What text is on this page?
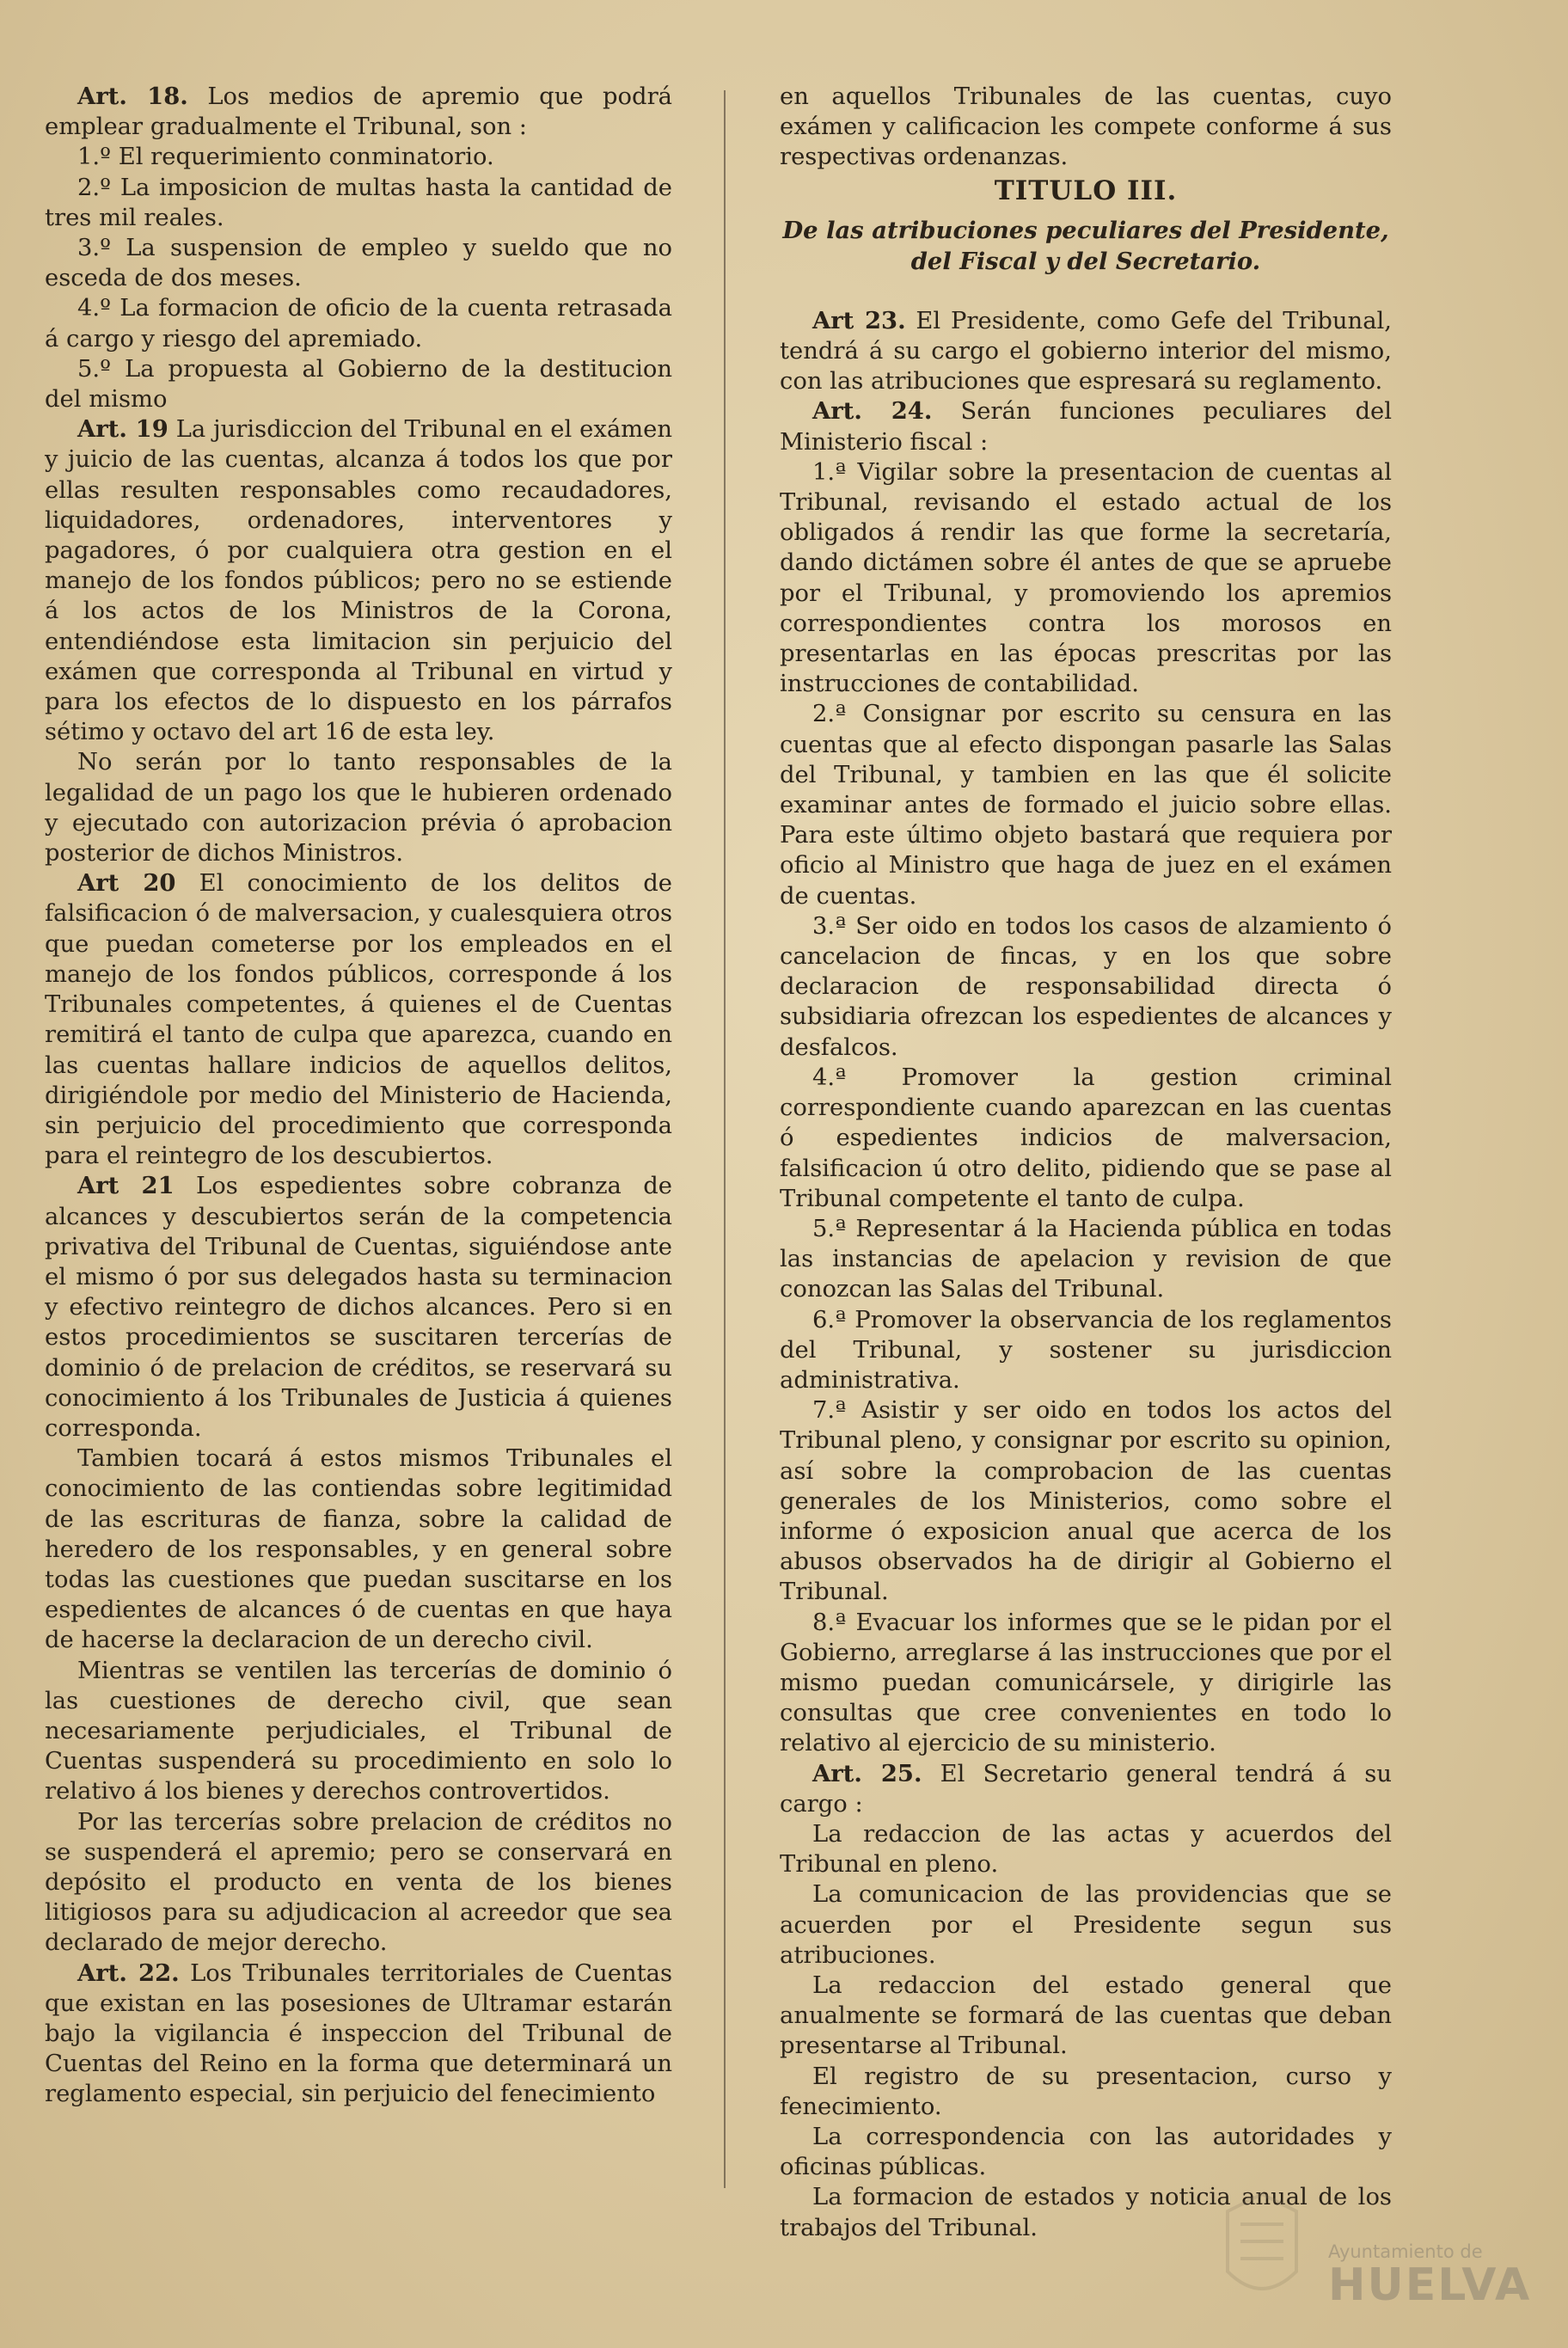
Art. 18. Los medios de apremio que podrá emplear gradualmente el Tribunal, son :

1.º El requerimiento conminatorio.

2.º La imposicion de multas hasta la cantidad de tres mil reales.

3.º La suspension de empleo y sueldo que no esceda de dos meses.

4.º La formacion de oficio de la cuenta retrasada á cargo y riesgo del apremiado.

5.º La propuesta al Gobierno de la destitucion del mismo

Art. 19 La jurisdiccion del Tribunal en el exámen y juicio de las cuentas, alcanza á todos los que por ellas resulten responsables como recaudadores, liquidadores, ordenadores, interventores y pagadores, ó por cualquiera otra gestion en el manejo de los fondos públicos; pero no se estiende á los actos de los Ministros de la Corona, entendiéndose esta limitacion sin perjuicio del exámen que corresponda al Tribunal en virtud y para los efectos de lo dispuesto en los párrafos sétimo y octavo del art 16 de esta ley.

No serán por lo tanto responsables de la legalidad de un pago los que le hubieren ordenado y ejecutado con autorizacion prévia ó aprobacion posterior de dichos Ministros.

Art 20 El conocimiento de los delitos de falsificacion ó de malversacion, y cualesquiera otros que puedan cometerse por los empleados en el manejo de los fondos públicos, corresponde á los Tribunales competentes, á quienes el de Cuentas remitirá el tanto de culpa que aparezca, cuando en las cuentas hallare indicios de aquellos delitos, dirigiéndole por medio del Ministerio de Hacienda, sin perjuicio del procedimiento que corresponda para el reintegro de los descubiertos.

Art 21 Los espedientes sobre cobranza de alcances y descubiertos serán de la competencia privativa del Tribunal de Cuentas, siguiéndose ante el mismo ó por sus delegados hasta su terminacion y efectivo reintegro de dichos alcances. Pero si en estos procedimientos se suscitaren tercerías de dominio ó de prelacion de créditos, se reservará su conocimiento á los Tribunales de Justicia á quienes corresponda.

Tambien tocará á estos mismos Tribunales el conocimiento de las contiendas sobre legitimidad de las escrituras de fianza, sobre la calidad de heredero de los responsables, y en general sobre todas las cuestiones que puedan suscitarse en los espedientes de alcances ó de cuentas en que haya de hacerse la declaracion de un derecho civil.

Mientras se ventilen las tercerías de dominio ó las cuestiones de derecho civil, que sean necesariamente perjudiciales, el Tribunal de Cuentas suspenderá su procedimiento en solo lo relativo á los bienes y derechos controvertidos.

Por las tercerías sobre prelacion de créditos no se suspenderá el apremio; pero se conservará en depósito el producto en venta de los bienes litigiosos para su adjudicacion al acreedor que sea declarado de mejor derecho.

Art. 22. Los Tribunales territoriales de Cuentas que existan en las posesiones de Ultramar estarán bajo la vigilancia é inspeccion del Tribunal de Cuentas del Reino en la forma que determinará un reglamento especial, sin perjuicio del fenecimiento

en aquellos Tribunales de las cuentas, cuyo exámen y calificacion les compete conforme á sus respectivas ordenanzas.

TITULO III.
De las atribuciones peculiares del Presidente, del Fiscal y del Secretario.

Art 23. El Presidente, como Gefe del Tribunal, tendrá á su cargo el gobierno interior del mismo, con las atribuciones que espresará su reglamento.

Art. 24. Serán funciones peculiares del Ministerio fiscal :

1.ª Vigilar sobre la presentacion de cuentas al Tribunal, revisando el estado actual de los obligados á rendir las que forme la secretaría, dando dictámen sobre él antes de que se apruebe por el Tribunal, y promoviendo los apremios correspondientes contra los morosos en presentarlas en las épocas prescritas por las instrucciones de contabilidad.

2.ª Consignar por escrito su censura en las cuentas que al efecto dispongan pasarle las Salas del Tribunal, y tambien en las que él solicite examinar antes de formado el juicio sobre ellas. Para este último objeto bastará que requiera por oficio al Ministro que haga de juez en el exámen de cuentas.

3.ª Ser oido en todos los casos de alzamiento ó cancelacion de fincas, y en los que sobre declaracion de responsabilidad directa ó subsidiaria ofrezcan los espedientes de alcances y desfalcos.

4.ª Promover la gestion criminal correspondiente cuando aparezcan en las cuentas ó espedientes indicios de malversacion, falsificacion ú otro delito, pidiendo que se pase al Tribunal competente el tanto de culpa.

5.ª Representar á la Hacienda pública en todas las instancias de apelacion y revision de que conozcan las Salas del Tribunal.

6.ª Promover la observancia de los reglamentos del Tribunal, y sostener su jurisdiccion administrativa.

7.ª Asistir y ser oido en todos los actos del Tribunal pleno, y consignar por escrito su opinion, así sobre la comprobacion de las cuentas generales de los Ministerios, como sobre el informe ó exposicion anual que acerca de los abusos observados ha de dirigir al Gobierno el Tribunal.

8.ª Evacuar los informes que se le pidan por el Gobierno, arreglarse á las instrucciones que por el mismo puedan comunicársele, y dirigirle las consultas que cree convenientes en todo lo relativo al ejercicio de su ministerio.

Art. 25. El Secretario general tendrá á su cargo :

La redaccion de las actas y acuerdos del Tribunal en pleno.

La comunicacion de las providencias que se acuerden por el Presidente segun sus atribuciones.

La redaccion del estado general que anualmente se formará de las cuentas que deban presentarse al Tribunal.

El registro de su presentacion, curso y fenecimiento.

La correspondencia con las autoridades y oficinas públicas.

La formacion de estados y noticia anual de los trabajos del Tribunal.

Ayuntamiento de
HUELVA
